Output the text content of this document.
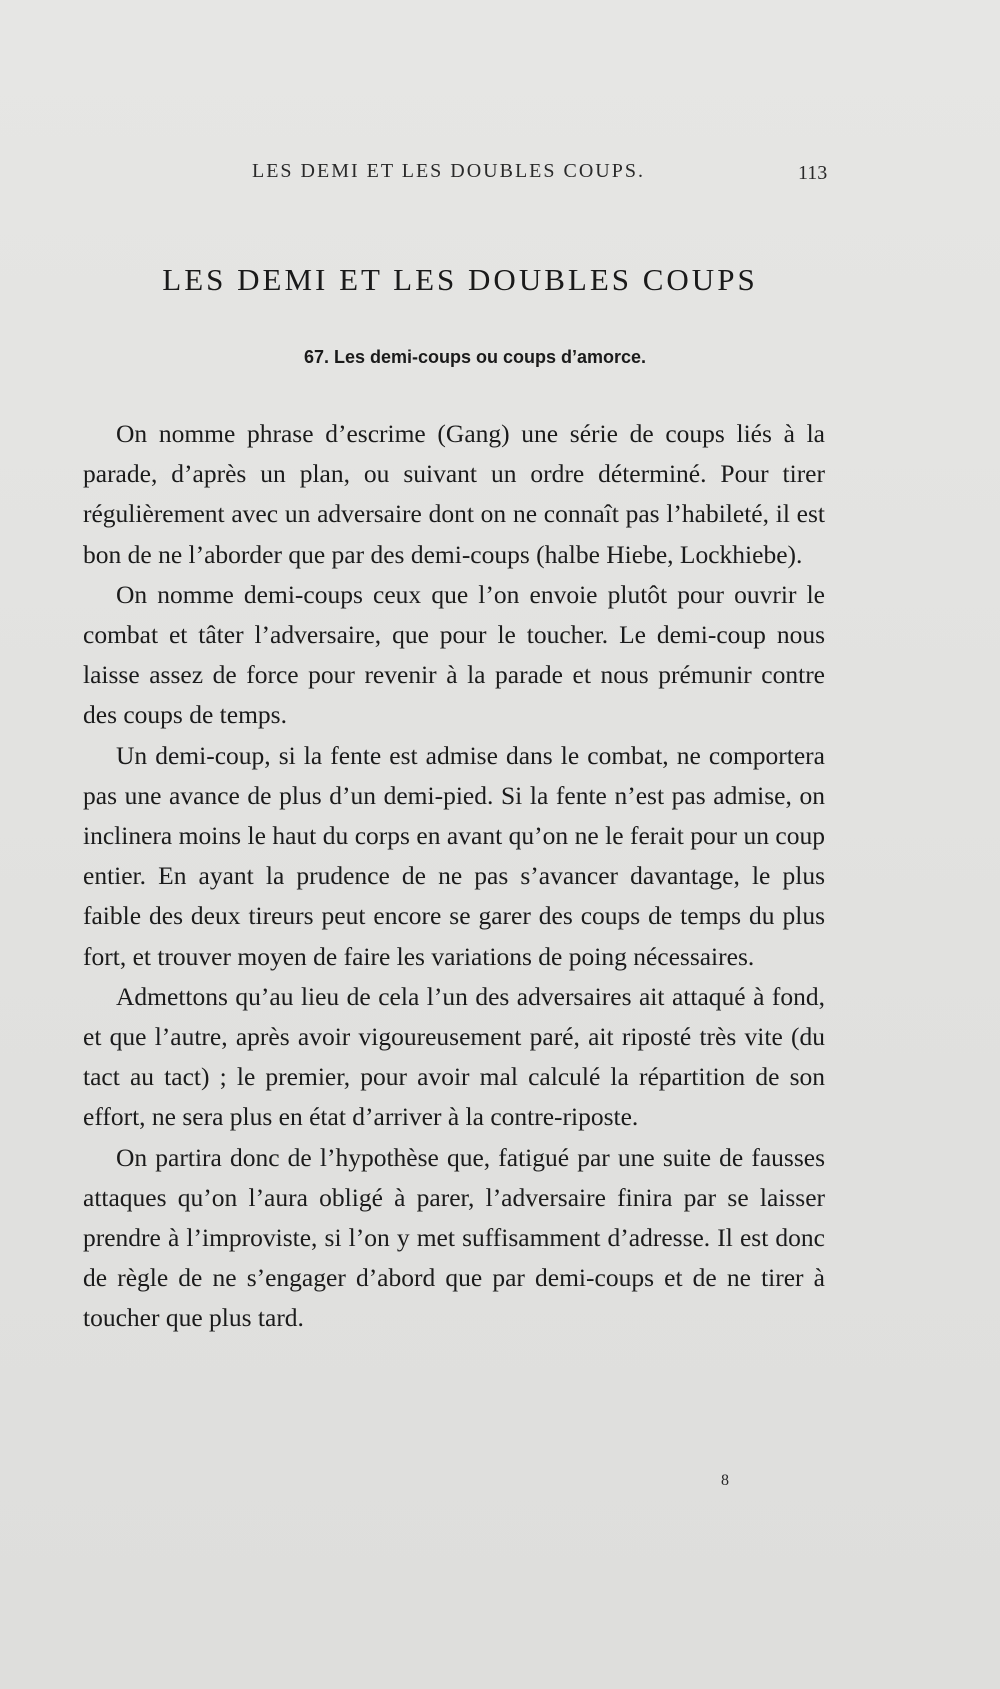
LES DEMI ET LES DOUBLES COUPS.	113
LES DEMI ET LES DOUBLES COUPS
67. Les demi-coups ou coups d’amorce.

On nomme phrase d’escrime (Gang) une série de coups liés à la parade, d’après un plan, ou suivant un ordre déterminé. Pour tirer régulièrement avec un adversaire dont on ne connaît pas l’habileté, il est bon de ne l’aborder que par des demi-coups (halbe Hiebe, Lockhiebe).

On nomme demi-coups ceux que l’on envoie plutôt pour ouvrir le combat et tâter l’adversaire, que pour le toucher. Le demi-coup nous laisse assez de force pour revenir à la parade et nous prémunir contre des coups de temps.

Un demi-coup, si la fente est admise dans le combat, ne comportera pas une avance de plus d’un demi-pied. Si la fente n’est pas admise, on inclinera moins le haut du corps en avant qu’on ne le ferait pour un coup entier. En ayant la prudence de ne pas s’avancer davantage, le plus faible des deux tireurs peut encore se garer des coups de temps du plus fort, et trouver moyen de faire les variations de poing nécessaires.

Admettons qu’au lieu de cela l’un des adversaires ait attaqué à fond, et que l’autre, après avoir vigoureusement paré, ait riposté très vite (du tact au tact) ; le premier, pour avoir mal calculé la répartition de son effort, ne sera plus en état d’arriver à la contre-riposte.

On partira donc de l’hypothèse que, fatigué par une suite de fausses attaques qu’on l’aura obligé à parer, l’adversaire finira par se laisser prendre à l’improviste, si l’on y met suffisamment d’adresse. Il est donc de règle de ne s’engager d’abord que par demi-coups et de ne tirer à toucher que plus tard.

8
